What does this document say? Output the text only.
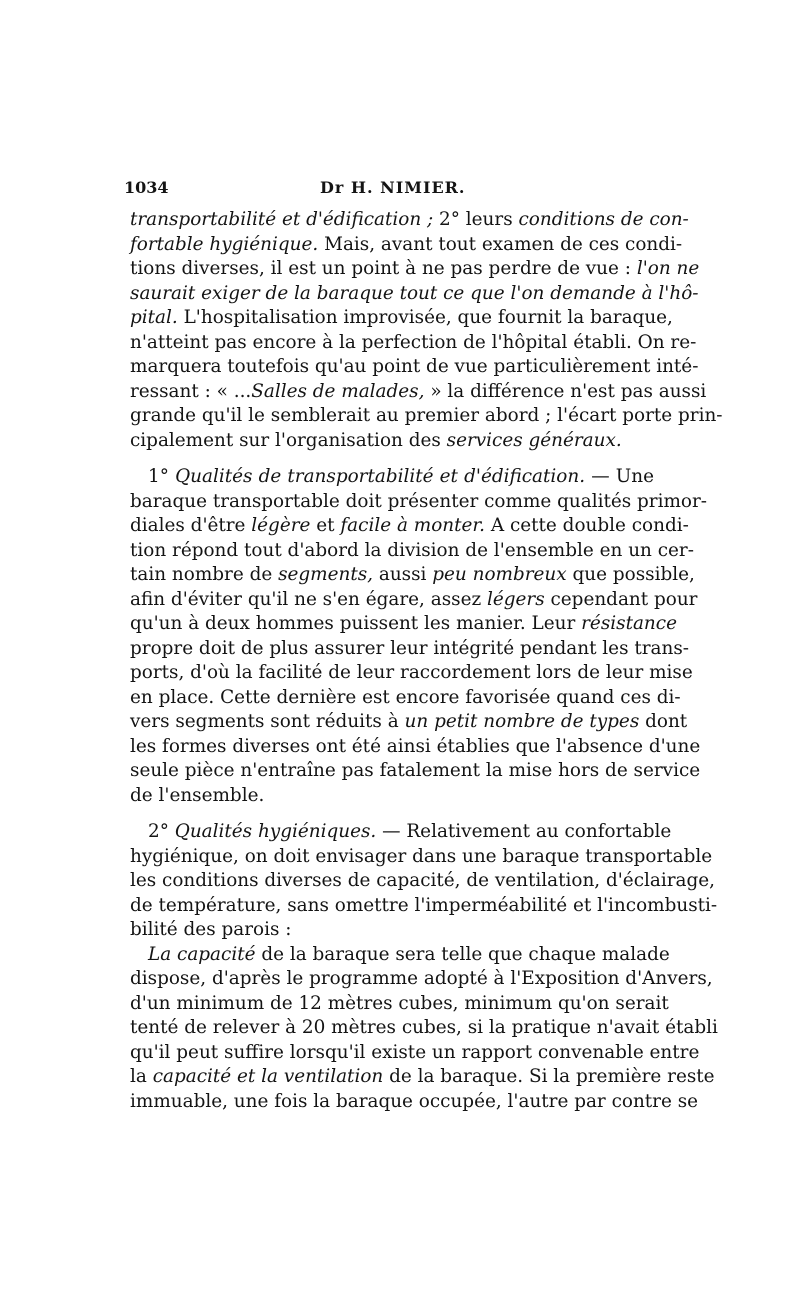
1034	Dr H. NIMIER.
transportabilité et d'édification ; 2° leurs conditions de con-
fortable hygiénique. Mais, avant tout examen de ces condi-
tions diverses, il est un point à ne pas perdre de vue : l'on ne
saurait exiger de la baraque tout ce que l'on demande à l'hô-
pital. L'hospitalisation improvisée, que fournit la baraque,
n'atteint pas encore à la perfection de l'hôpital établi. On re-
marquera toutefois qu'au point de vue particulièrement inté-
ressant : « ...Salles de malades, » la différence n'est pas aussi
grande qu'il le semblerait au premier abord ; l'écart porte prin-
cipalement sur l'organisation des services généraux.
1° Qualités de transportabilité et d'édification. — Une
baraque transportable doit présenter comme qualités primor-
diales d'être légère et facile à monter. A cette double condi-
tion répond tout d'abord la division de l'ensemble en un cer-
tain nombre de segments, aussi peu nombreux que possible,
afin d'éviter qu'il ne s'en égare, assez légers cependant pour
qu'un à deux hommes puissent les manier. Leur résistance
propre doit de plus assurer leur intégrité pendant les trans-
ports, d'où la facilité de leur raccordement lors de leur mise
en place. Cette dernière est encore favorisée quand ces di-
vers segments sont réduits à un petit nombre de types dont
les formes diverses ont été ainsi établies que l'absence d'une
seule pièce n'entraîne pas fatalement la mise hors de service
de l'ensemble.
2° Qualités hygiéniques. — Relativement au confortable
hygiénique, on doit envisager dans une baraque transportable
les conditions diverses de capacité, de ventilation, d'éclairage,
de température, sans omettre l'imperméabilité et l'incombusti-
bilité des parois :
La capacité de la baraque sera telle que chaque malade
dispose, d'après le programme adopté à l'Exposition d'Anvers,
d'un minimum de 12 mètres cubes, minimum qu'on serait
tenté de relever à 20 mètres cubes, si la pratique n'avait établi
qu'il peut suffire lorsqu'il existe un rapport convenable entre
la capacité et la ventilation de la baraque. Si la première reste
immuable, une fois la baraque occupée, l'autre par contre se
